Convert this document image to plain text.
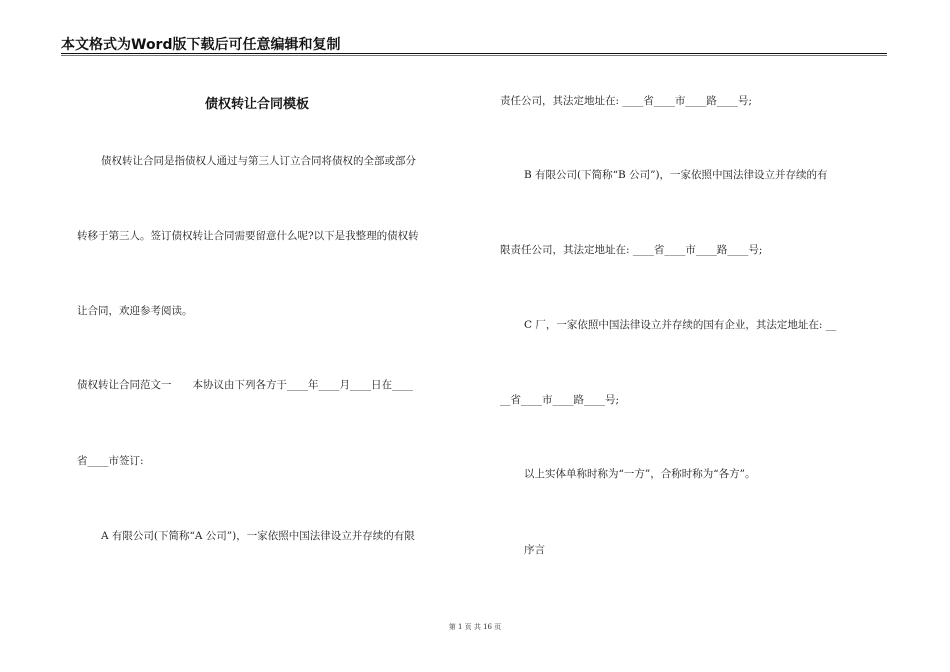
本文格式为Word版下载后可任意编辑和复制
债权转让合同模板
债权转让合同是指债权人通过与第三人订立合同将债权的全部或部分
转移于第三人。签订债权转让合同需要留意什么呢?以下是我整理的债权转
让合同，欢迎参考阅读。
债权转让合同范文一　　本协议由下列各方于____年____月____日在____
省____市签订:
A 有限公司(下简称“A 公司”)，一家依照中国法律设立并存续的有限
责任公司，其法定地址在: ____省____市____路____号;
B 有限公司(下简称“B 公司”)，一家依照中国法律设立并存续的有
限责任公司，其法定地址在: ____省____市____路____号;
C 厂，一家依照中国法律设立并存续的国有企业，其法定地址在: __
__省____市____路____号;
以上实体单称时称为“一方”，合称时称为“各方”。
序言
第 1 页 共 16 页
